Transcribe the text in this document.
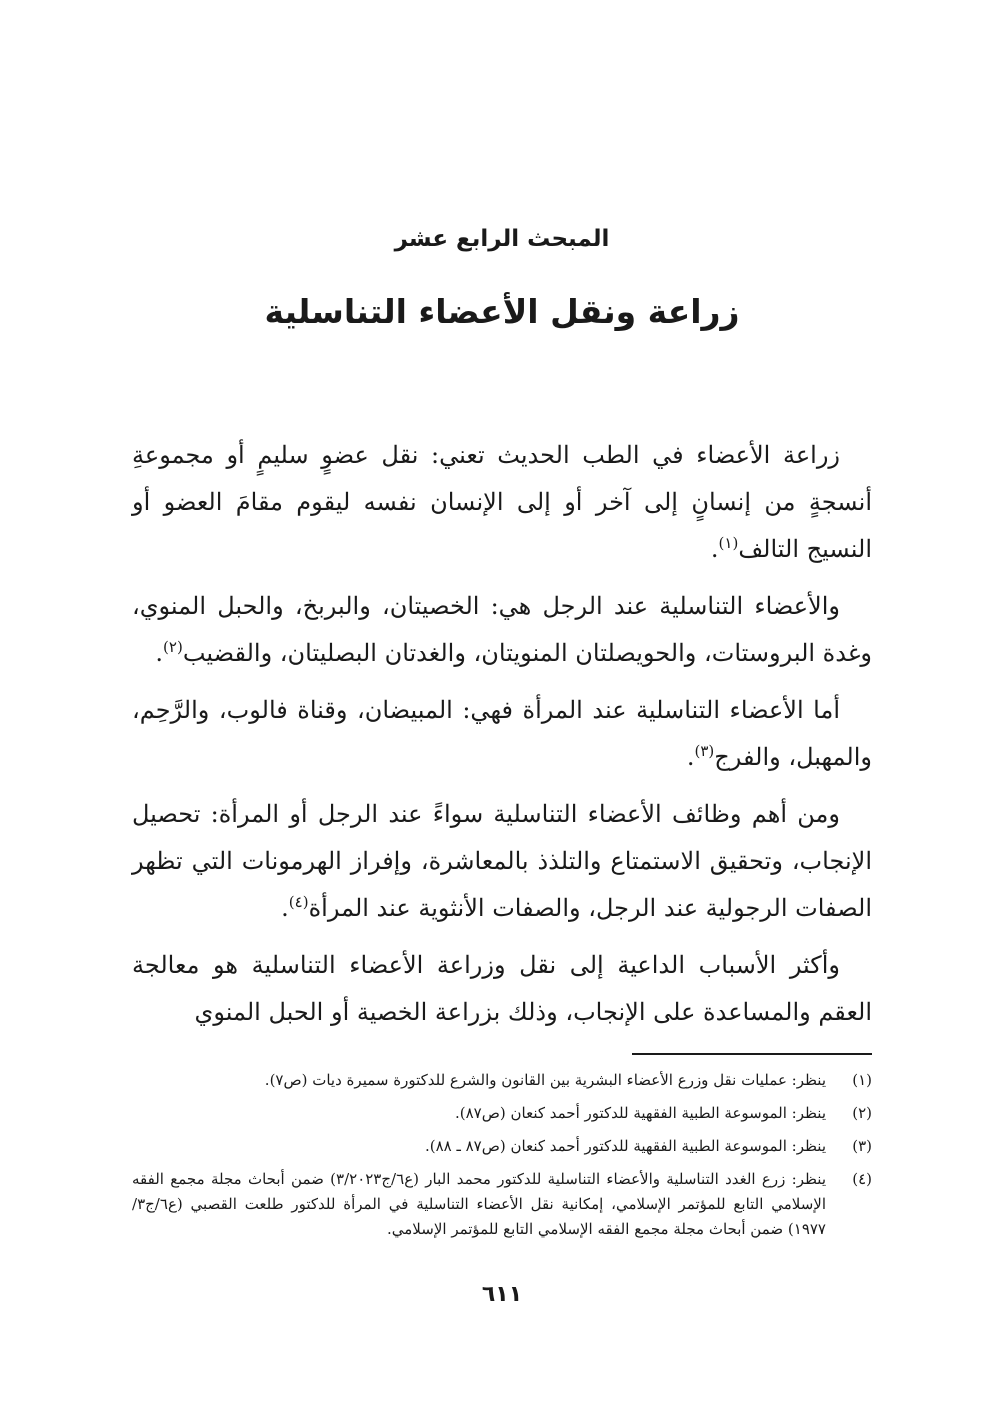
المبحث الرابع عشر
زراعة ونقل الأعضاء التناسلية

زراعة الأعضاء في الطب الحديث تعني: نقل عضوٍ سليمٍ أو مجموعةِ أنسجةٍ من إنسانٍ إلى آخر أو إلى الإنسان نفسه ليقوم مقامَ العضو أو النسيج التالف$^{(١)}$.

والأعضاء التناسلية عند الرجل هي: الخصيتان، والبربخ، والحبل المنوي، وغدة البروستات، والحويصلتان المنويتان، والغدتان البصليتان، والقضيب$^{(٢)}$.

أما الأعضاء التناسلية عند المرأة فهي: المبيضان، وقناة فالوب، والرَّحِم، والمهبل، والفرج$^{(٣)}$.

ومن أهم وظائف الأعضاء التناسلية سواءً عند الرجل أو المرأة: تحصيل الإنجاب، وتحقيق الاستمتاع والتلذذ بالمعاشرة، وإفراز الهرمونات التي تظهر الصفات الرجولية عند الرجل، والصفات الأنثوية عند المرأة$^{(٤)}$.

وأكثر الأسباب الداعية إلى نقل وزراعة الأعضاء التناسلية هو معالجة العقم والمساعدة على الإنجاب، وذلك بزراعة الخصية أو الحبل المنوي

(١)
ينظر: عمليات نقل وزرع الأعضاء البشرية بين القانون والشرع للدكتورة سميرة ديات (ص٧).
(٢)
ينظر: الموسوعة الطبية الفقهية للدكتور أحمد كنعان (ص٨٧).
(٣)
ينظر: الموسوعة الطبية الفقهية للدكتور أحمد كنعان (ص٨٧ ـ ٨٨).
(٤)
ينظر: زرع الغدد التناسلية والأعضاء التناسلية للدكتور محمد البار (ع٦/ج٣/٢٠٢٣) ضمن أبحاث مجلة مجمع الفقه الإسلامي التابع للمؤتمر الإسلامي، إمكانية نقل الأعضاء التناسلية في المرأة للدكتور طلعت القصبي (ع٦/ج٣/ ١٩٧٧) ضمن أبحاث مجلة مجمع الفقه الإسلامي التابع للمؤتمر الإسلامي.
٦١١
